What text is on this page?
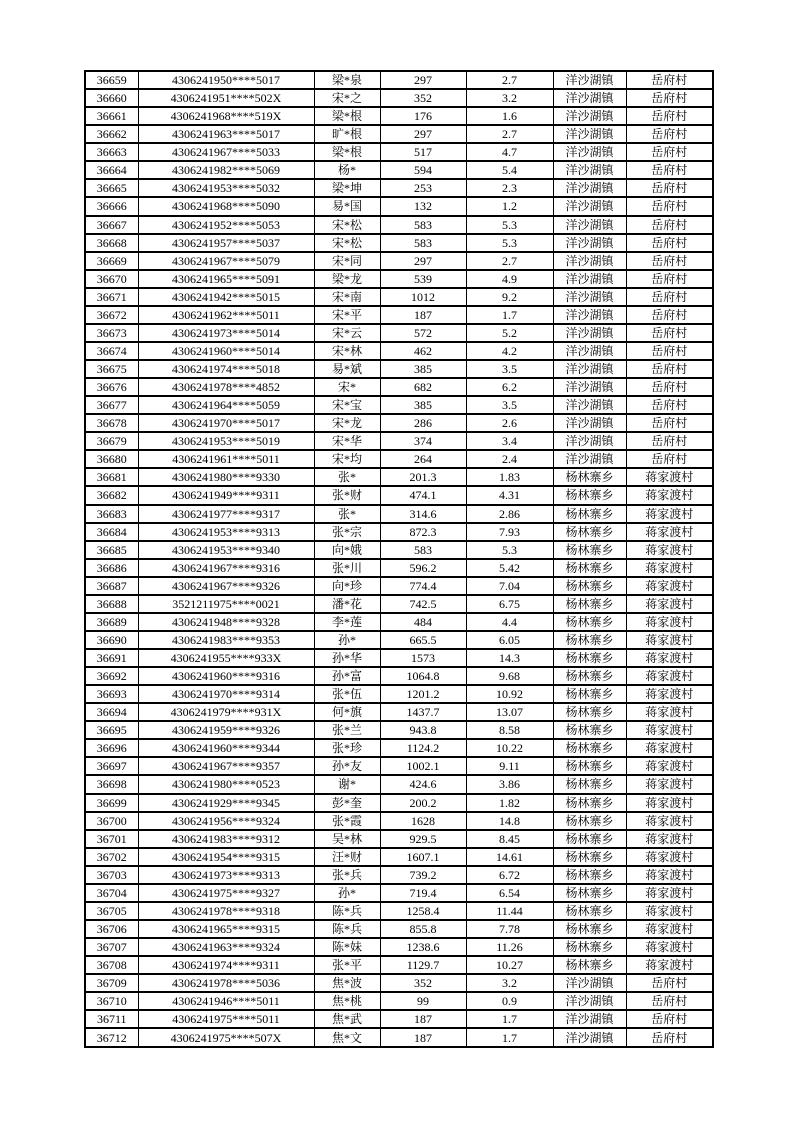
36659	4306241950****5017	梁*泉	297	2.7	洋沙湖镇	岳府村
36660	4306241951****502X	宋*之	352	3.2	洋沙湖镇	岳府村
36661	4306241968****519X	梁*根	176	1.6	洋沙湖镇	岳府村
36662	4306241963****5017	旷*根	297	2.7	洋沙湖镇	岳府村
36663	4306241967****5033	梁*根	517	4.7	洋沙湖镇	岳府村
36664	4306241982****5069	杨*	594	5.4	洋沙湖镇	岳府村
36665	4306241953****5032	梁*坤	253	2.3	洋沙湖镇	岳府村
36666	4306241968****5090	易*国	132	1.2	洋沙湖镇	岳府村
36667	4306241952****5053	宋*松	583	5.3	洋沙湖镇	岳府村
36668	4306241957****5037	宋*松	583	5.3	洋沙湖镇	岳府村
36669	4306241967****5079	宋*同	297	2.7	洋沙湖镇	岳府村
36670	4306241965****5091	梁*龙	539	4.9	洋沙湖镇	岳府村
36671	4306241942****5015	宋*南	1012	9.2	洋沙湖镇	岳府村
36672	4306241962****5011	宋*平	187	1.7	洋沙湖镇	岳府村
36673	4306241973****5014	宋*云	572	5.2	洋沙湖镇	岳府村
36674	4306241960****5014	宋*林	462	4.2	洋沙湖镇	岳府村
36675	4306241974****5018	易*斌	385	3.5	洋沙湖镇	岳府村
36676	4306241978****4852	宋*	682	6.2	洋沙湖镇	岳府村
36677	4306241964****5059	宋*宝	385	3.5	洋沙湖镇	岳府村
36678	4306241970****5017	宋*龙	286	2.6	洋沙湖镇	岳府村
36679	4306241953****5019	宋*华	374	3.4	洋沙湖镇	岳府村
36680	4306241961****5011	宋*均	264	2.4	洋沙湖镇	岳府村
36681	4306241980****9330	张*	201.3	1.83	杨林寨乡	蒋家渡村
36682	4306241949****9311	张*财	474.1	4.31	杨林寨乡	蒋家渡村
36683	4306241977****9317	张*	314.6	2.86	杨林寨乡	蒋家渡村
36684	4306241953****9313	张*宗	872.3	7.93	杨林寨乡	蒋家渡村
36685	4306241953****9340	向*娥	583	5.3	杨林寨乡	蒋家渡村
36686	4306241967****9316	张*川	596.2	5.42	杨林寨乡	蒋家渡村
36687	4306241967****9326	向*珍	774.4	7.04	杨林寨乡	蒋家渡村
36688	3521211975****0021	潘*花	742.5	6.75	杨林寨乡	蒋家渡村
36689	4306241948****9328	李*莲	484	4.4	杨林寨乡	蒋家渡村
36690	4306241983****9353	孙*	665.5	6.05	杨林寨乡	蒋家渡村
36691	4306241955****933X	孙*华	1573	14.3	杨林寨乡	蒋家渡村
36692	4306241960****9316	孙*富	1064.8	9.68	杨林寨乡	蒋家渡村
36693	4306241970****9314	张*伍	1201.2	10.92	杨林寨乡	蒋家渡村
36694	4306241979****931X	何*旗	1437.7	13.07	杨林寨乡	蒋家渡村
36695	4306241959****9326	张*兰	943.8	8.58	杨林寨乡	蒋家渡村
36696	4306241960****9344	张*珍	1124.2	10.22	杨林寨乡	蒋家渡村
36697	4306241967****9357	孙*友	1002.1	9.11	杨林寨乡	蒋家渡村
36698	4306241980****0523	谢*	424.6	3.86	杨林寨乡	蒋家渡村
36699	4306241929****9345	彭*奎	200.2	1.82	杨林寨乡	蒋家渡村
36700	4306241956****9324	张*霞	1628	14.8	杨林寨乡	蒋家渡村
36701	4306241983****9312	吴*林	929.5	8.45	杨林寨乡	蒋家渡村
36702	4306241954****9315	汪*财	1607.1	14.61	杨林寨乡	蒋家渡村
36703	4306241973****9313	张*兵	739.2	6.72	杨林寨乡	蒋家渡村
36704	4306241975****9327	孙*	719.4	6.54	杨林寨乡	蒋家渡村
36705	4306241978****9318	陈*兵	1258.4	11.44	杨林寨乡	蒋家渡村
36706	4306241965****9315	陈*兵	855.8	7.78	杨林寨乡	蒋家渡村
36707	4306241963****9324	陈*妹	1238.6	11.26	杨林寨乡	蒋家渡村
36708	4306241974****9311	张*平	1129.7	10.27	杨林寨乡	蒋家渡村
36709	4306241978****5036	焦*波	352	3.2	洋沙湖镇	岳府村
36710	4306241946****5011	焦*桃	99	0.9	洋沙湖镇	岳府村
36711	4306241975****5011	焦*武	187	1.7	洋沙湖镇	岳府村
36712	4306241975****507X	焦*文	187	1.7	洋沙湖镇	岳府村
